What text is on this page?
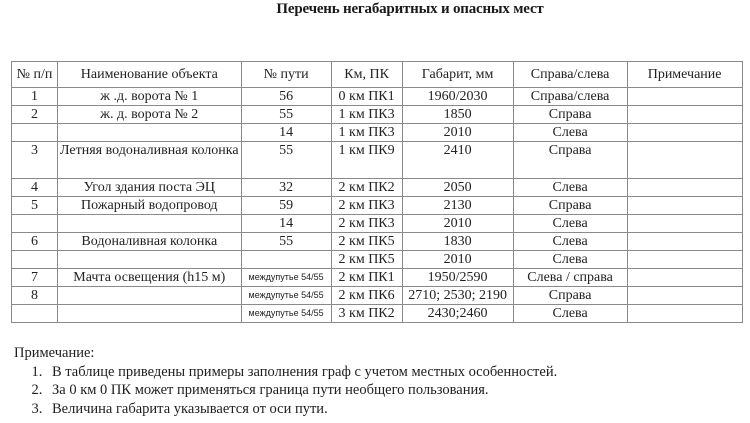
Перечень негабаритных и опасных мест
№ п/п	Наименование объекта	№ пути	Км, ПК	Габарит, мм	Справа/слева	Примечание
1	ж .д. ворота № 1	56	0 км ПК1	1960/2030	Справа/слева	
2	ж. д. ворота № 2	55	1 км ПК3	1850	Справа	
		14	1 км ПК3	2010	Слева	
3	Летняя водоналивная колонка	55	1 км ПК9	2410	Справа	
4	Угол здания поста ЭЦ	32	2 км ПК2	2050	Слева	
5	Пожарный водопровод	59	2 км ПК3	2130	Справа	
		14	2 км ПК3	2010	Слева	
6	Водоналивная колонка	55	2 км ПК5	1830	Слева	
			2 км ПК5	2010	Слева	
7	Мачта освещения (h15 м)	междупутье 54/55	2 км ПК1	1950/2590	Слева / справа	
8		междупутье 54/55	2 км ПК6	2710; 2530; 2190	Справа	
		междупутье 54/55	3 км ПК2	2430;2460	Слева	
Примечание:
1. В таблице приведены примеры заполнения граф с учетом местных особенностей.
2. За 0 км 0 ПК может применяться граница пути необщего пользования.
3. Величина габарита указывается от оси пути.
